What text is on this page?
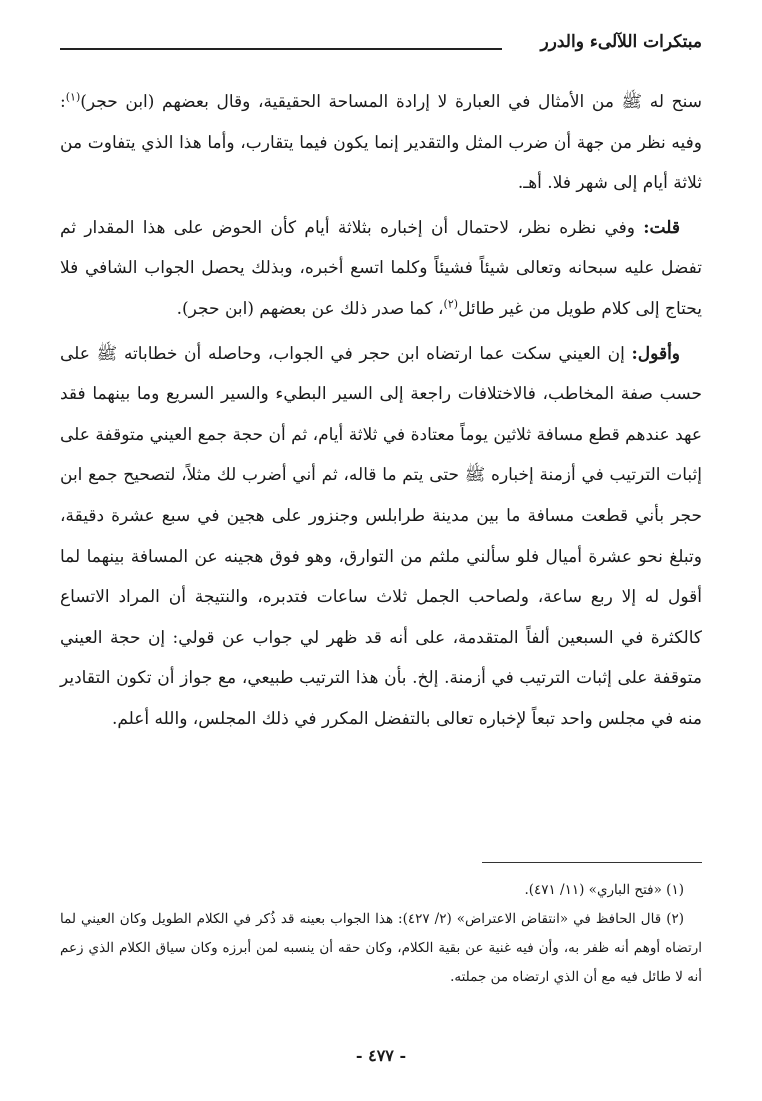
مبتكرات اللآلىء والدرر

سنح له ﷺ من الأمثال في العبارة لا إرادة المساحة الحقيقية، وقال بعضهم (ابن حجر)$^{(١)}$: وفيه نظر من جهة أن ضرب المثل والتقدير إنما يكون فيما يتقارب، وأما هذا الذي يتفاوت من ثلاثة أيام إلى شهر فلا. أهـ.

قلت: وفي نظره نظر، لاحتمال أن إخباره بثلاثة أيام كأن الحوض على هذا المقدار ثم تفضل عليه سبحانه وتعالى شيئاً فشيئاً وكلما اتسع أخبره، وبذلك يحصل الجواب الشافي فلا يحتاج إلى كلام طويل من غير طائل$^{(٢)}$، كما صدر ذلك عن بعضهم (ابن حجر).

وأقول: إن العيني سكت عما ارتضاه ابن حجر في الجواب، وحاصله أن خطاباته ﷺ على حسب صفة المخاطب، فالاختلافات راجعة إلى السير البطيء والسير السريع وما بينهما فقد عهد عندهم قطع مسافة ثلاثين يوماً معتادة في ثلاثة أيام، ثم أن حجة جمع العيني متوقفة على إثبات الترتيب في أزمنة إخباره ﷺ حتى يتم ما قاله، ثم أني أضرب لك مثلاً، لتصحيح جمع ابن حجر بأني قطعت مسافة ما بين مدينة طرابلس وجنزور على هجين في سبع عشرة دقيقة، وتبلغ نحو عشرة أميال فلو سألني ملثم من التوارق، وهو فوق هجينه عن المسافة بينهما لما أقول له إلا ربع ساعة، ولصاحب الجمل ثلاث ساعات فتدبره، والنتيجة أن المراد الاتساع كالكثرة في السبعين ألفاً المتقدمة، على أنه قد ظهر لي جواب عن قولي: إن حجة العيني متوقفة على إثبات الترتيب في أزمنة. إلخ. بأن هذا الترتيب طبيعي، مع جواز أن تكون التقادير منه في مجلس واحد تبعاً لإخباره تعالى بالتفضل المكرر في ذلك المجلس، والله أعلم.

(١) «فتح الباري» (١١/ ٤٧١).

(٢) قال الحافظ في «انتقاض الاعتراض» (٢/ ٤٢٧): هذا الجواب بعينه قد ذُكر في الكلام الطويل وكان العيني لما ارتضاه أوهم أنه ظفر به، وأن فيه غنية عن بقية الكلام، وكان حقه أن ينسبه لمن أبرزه وكان سياق الكلام الذي زعم أنه لا طائل فيه مع أن الذي ارتضاه من جملته.

- ٤٧٧ -
